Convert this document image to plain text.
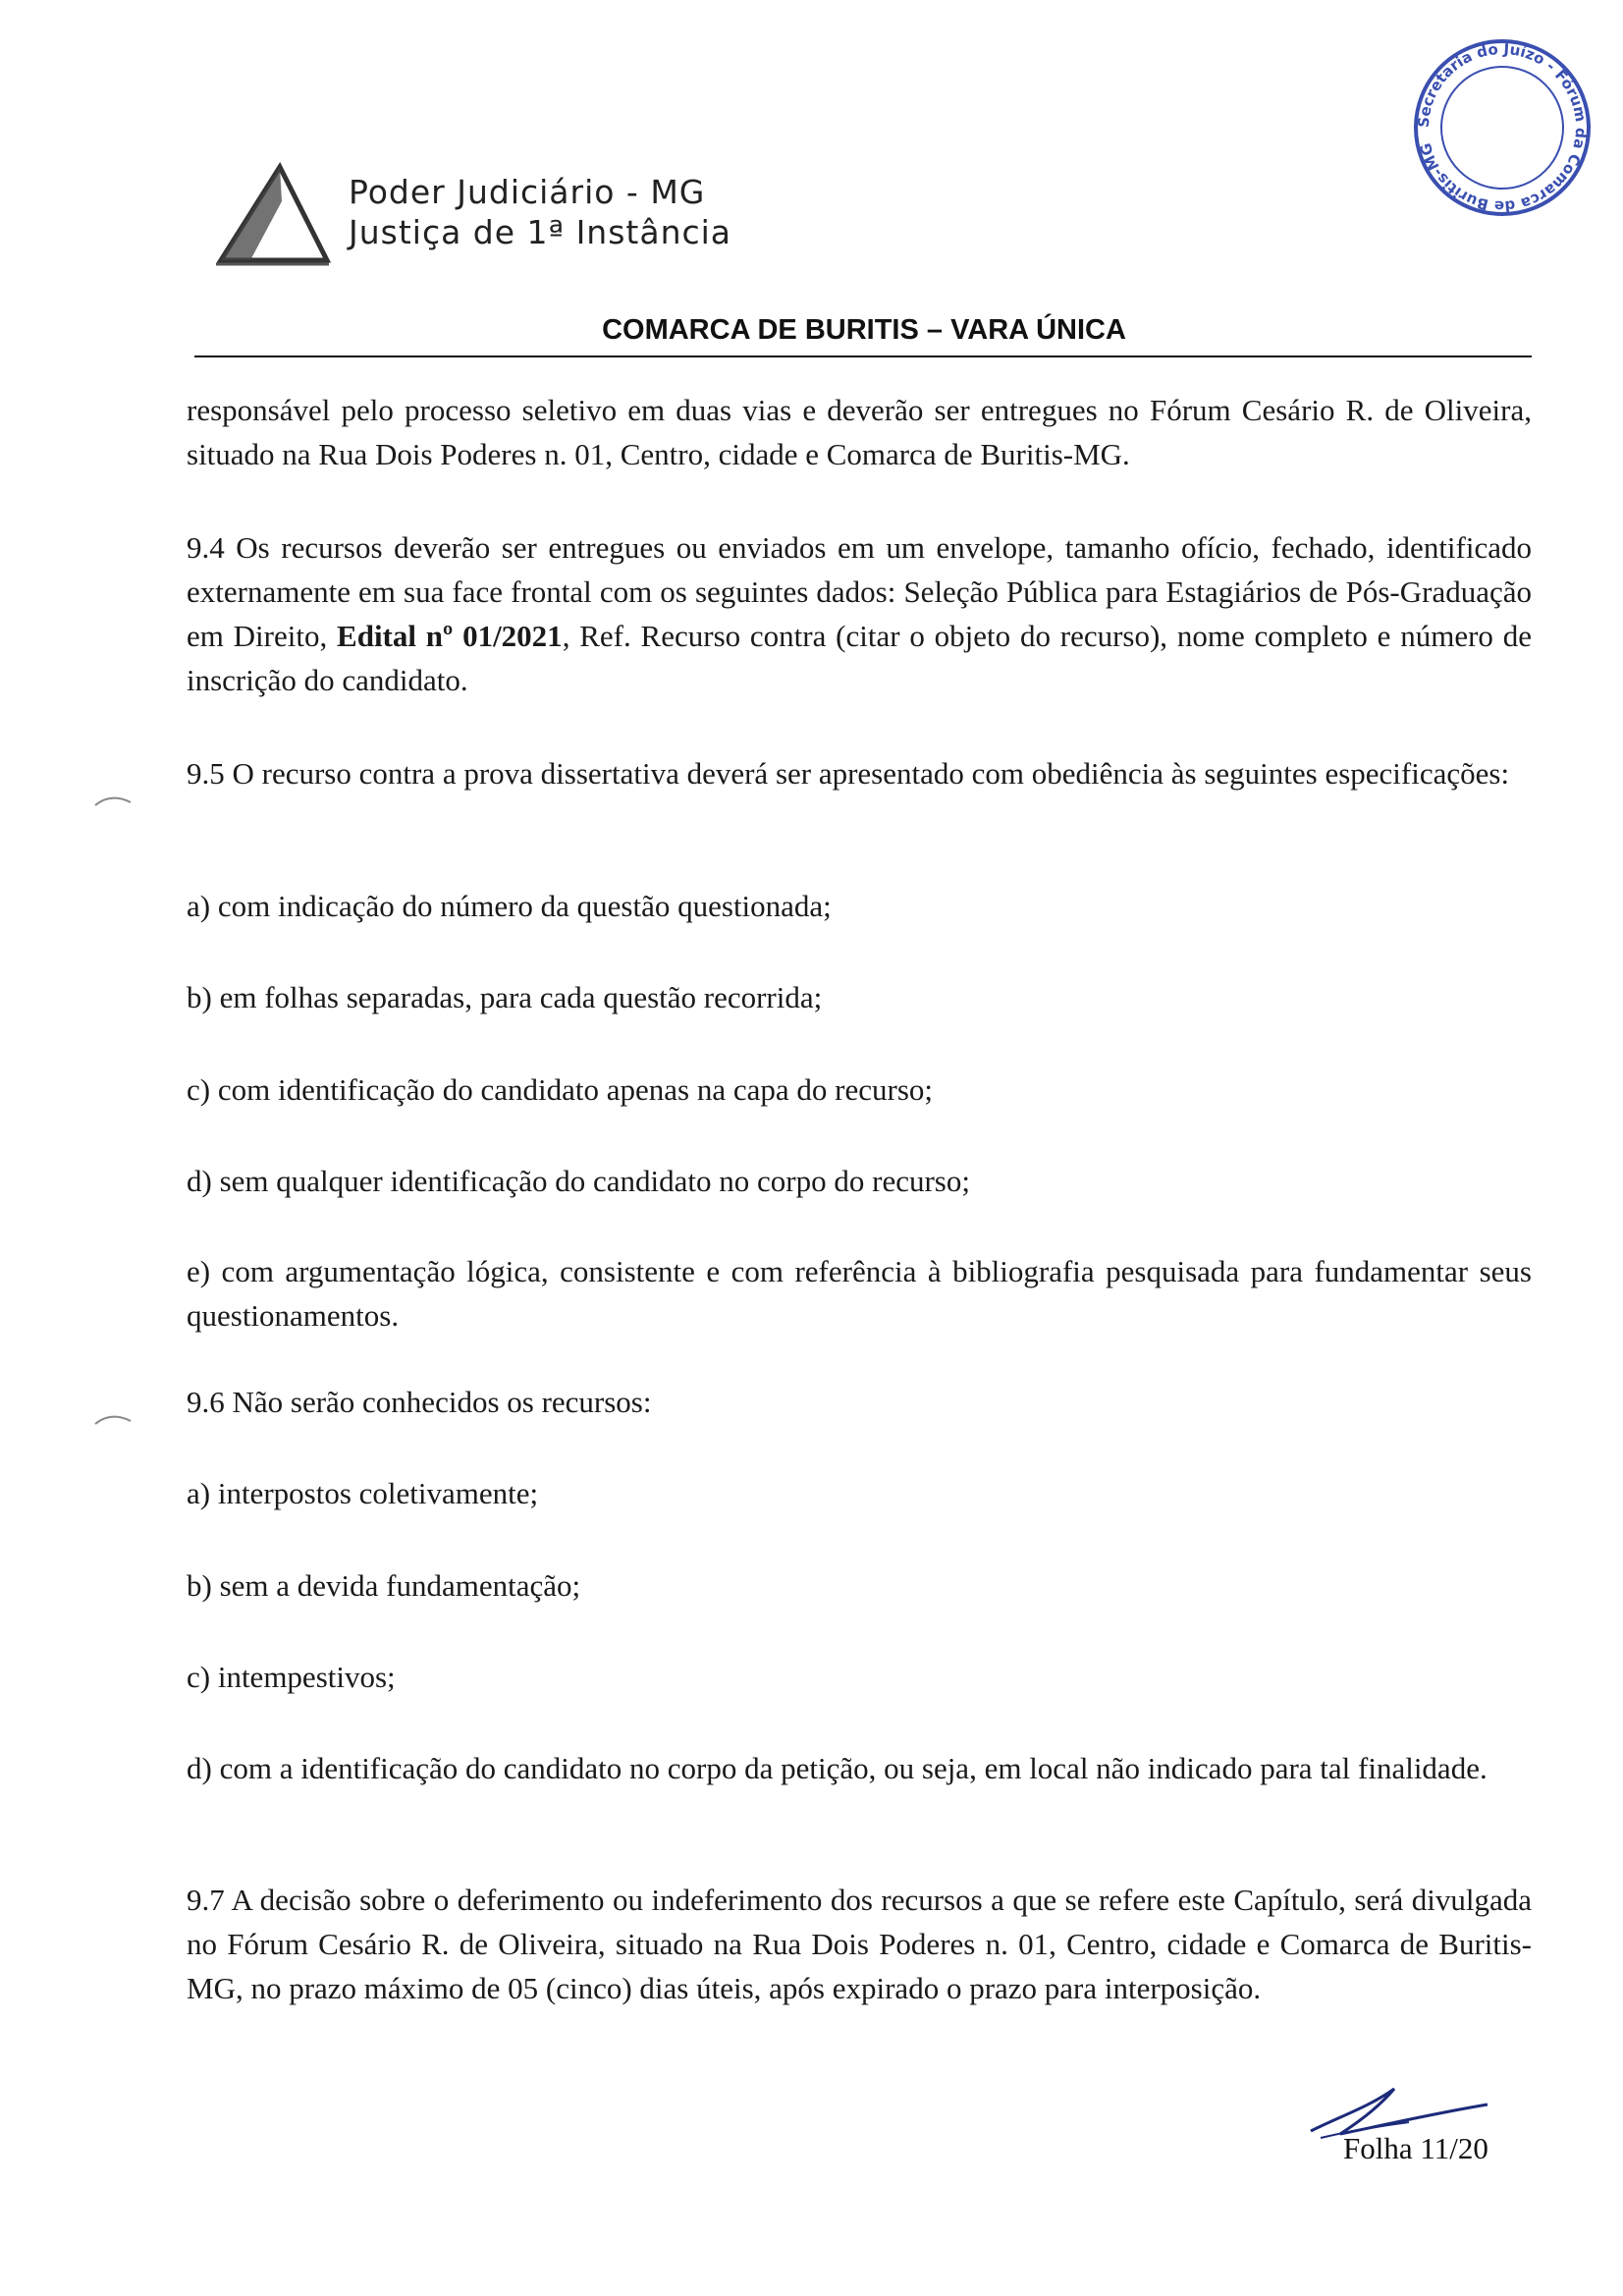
Poder Judiciário - MG
Justiça de 1ª Instância
Secretaria do Juízo - Fórum da Comarca de Buritis-MG
COMARCA DE BURITIS – VARA ÚNICA

responsável pelo processo seletivo em duas vias e deverão ser entregues no Fórum Cesário R. de Oliveira, situado na Rua Dois Poderes n. 01, Centro, cidade e Comarca de Buritis-MG.

9.4 Os recursos deverão ser entregues ou enviados em um envelope, tamanho ofício, fechado, identificado externamente em sua face frontal com os seguintes dados: Seleção Pública para Estagiários de Pós-Graduação em Direito, Edital nº 01/2021, Ref. Recurso contra (citar o objeto do recurso), nome completo e número de inscrição do candidato.

9.5 O recurso contra a prova dissertativa deverá ser apresentado com obediência às seguintes especificações:

a) com indicação do número da questão questionada;

b) em folhas separadas, para cada questão recorrida;

c) com identificação do candidato apenas na capa do recurso;

d) sem qualquer identificação do candidato no corpo do recurso;

e) com argumentação lógica, consistente e com referência à bibliografia pesquisada para fundamentar seus questionamentos.

9.6 Não serão conhecidos os recursos:

a) interpostos coletivamente;

b) sem a devida fundamentação;

c) intempestivos;

d) com a identificação do candidato no corpo da petição, ou seja, em local não indicado para tal finalidade.

9.7 A decisão sobre o deferimento ou indeferimento dos recursos a que se refere este Capítulo, será divulgada no Fórum Cesário R. de Oliveira, situado na Rua Dois Poderes n. 01, Centro, cidade e Comarca de Buritis-MG, no prazo máximo de 05 (cinco) dias úteis, após expirado o prazo para interposição.

Folha 11/20
